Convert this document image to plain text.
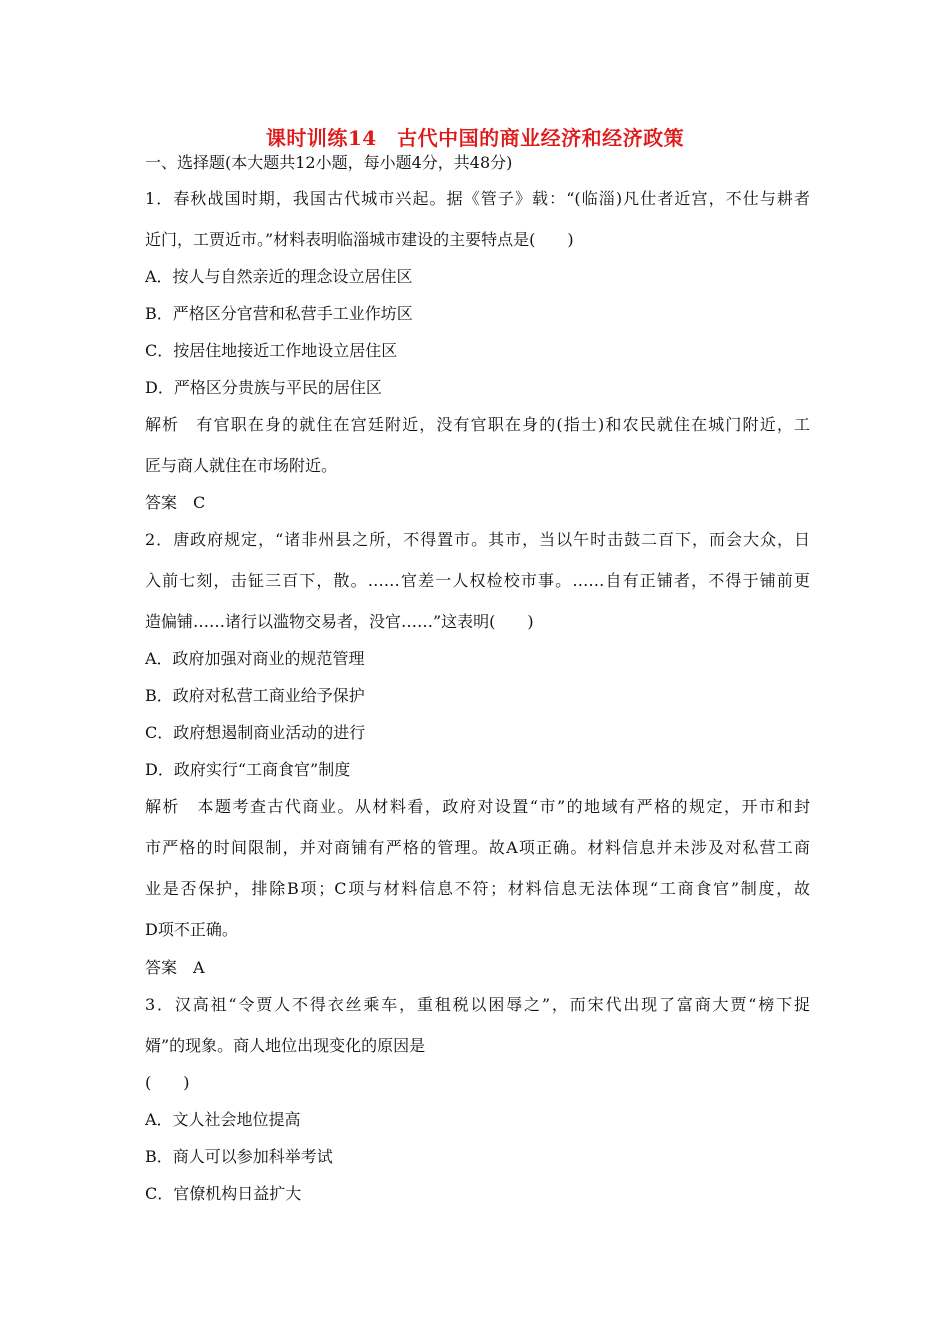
课时训练14　古代中国的商业经济和经济政策
一、选择题(本大题共12小题，每小题4分，共48分)
1．春秋战国时期，我国古代城市兴起。据《管子》载：“(临淄)凡仕者近宫，不仕与耕者
近门，工贾近市。”材料表明临淄城市建设的主要特点是(　　)
A．按人与自然亲近的理念设立居住区
B．严格区分官营和私营手工业作坊区
C．按居住地接近工作地设立居住区
D．严格区分贵族与平民的居住区
解析　有官职在身的就住在宫廷附近，没有官职在身的(指士)和农民就住在城门附近，工
匠与商人就住在市场附近。
答案　C
2．唐政府规定，“诸非州县之所，不得置市。其市，当以午时击鼓二百下，而会大众，日
入前七刻，击钲三百下，散。……官差一人权检校市事。……自有正铺者，不得于铺前更
造偏铺……诸行以滥物交易者，没官……”这表明(　　)
A．政府加强对商业的规范管理
B．政府对私营工商业给予保护
C．政府想遏制商业活动的进行
D．政府实行“工商食官”制度
解析　本题考查古代商业。从材料看，政府对设置“市”的地域有严格的规定，开市和封
市严格的时间限制，并对商铺有严格的管理。故A项正确。材料信息并未涉及对私营工商
业是否保护，排除B项；C项与材料信息不符；材料信息无法体现“工商食官”制度，故
D项不正确。
答案　A
3．汉高祖“令贾人不得衣丝乘车，重租税以困辱之”，而宋代出现了富商大贾“榜下捉
婿”的现象。商人地位出现变化的原因是
(　　)
A．文人社会地位提高
B．商人可以参加科举考试
C．官僚机构日益扩大
